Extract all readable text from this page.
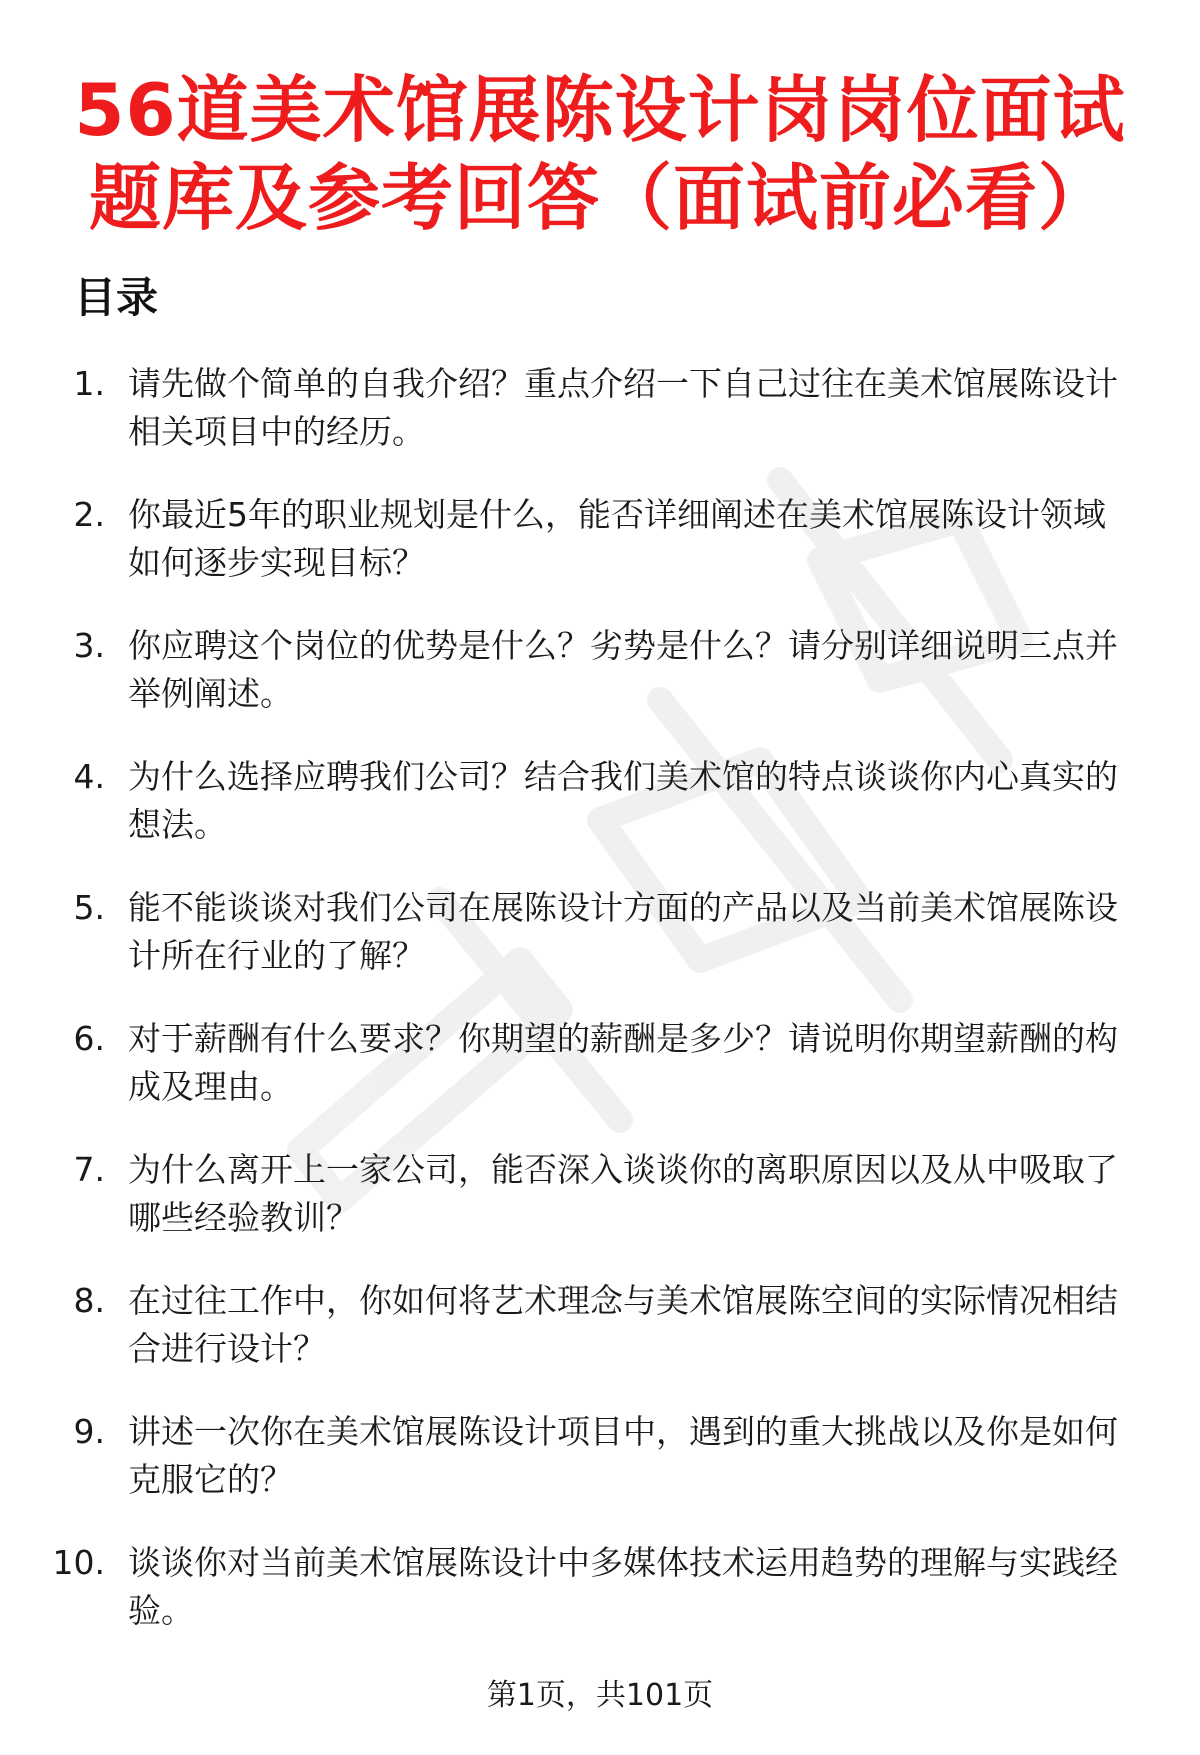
56道美术馆展陈设计岗岗位面试题库及参考回答（面试前必看）
目录
1. 请先做个简单的自我介绍？重点介绍一下自己过往在美术馆展陈设计相关项目中的经历。
2. 你最近5年的职业规划是什么，能否详细阐述在美术馆展陈设计领域如何逐步实现目标？
3. 你应聘这个岗位的优势是什么？劣势是什么？请分别详细说明三点并举例阐述。
4. 为什么选择应聘我们公司？结合我们美术馆的特点谈谈你内心真实的想法。
5. 能不能谈谈对我们公司在展陈设计方面的产品以及当前美术馆展陈设计所在行业的了解？
6. 对于薪酬有什么要求？你期望的薪酬是多少？请说明你期望薪酬的构成及理由。
7. 为什么离开上一家公司，能否深入谈谈你的离职原因以及从中吸取了哪些经验教训？
8. 在过往工作中，你如何将艺术理念与美术馆展陈空间的实际情况相结合进行设计？
9. 讲述一次你在美术馆展陈设计项目中，遇到的重大挑战以及你是如何克服它的？
10. 谈谈你对当前美术馆展陈设计中多媒体技术运用趋势的理解与实践经验。
第1页，共101页
